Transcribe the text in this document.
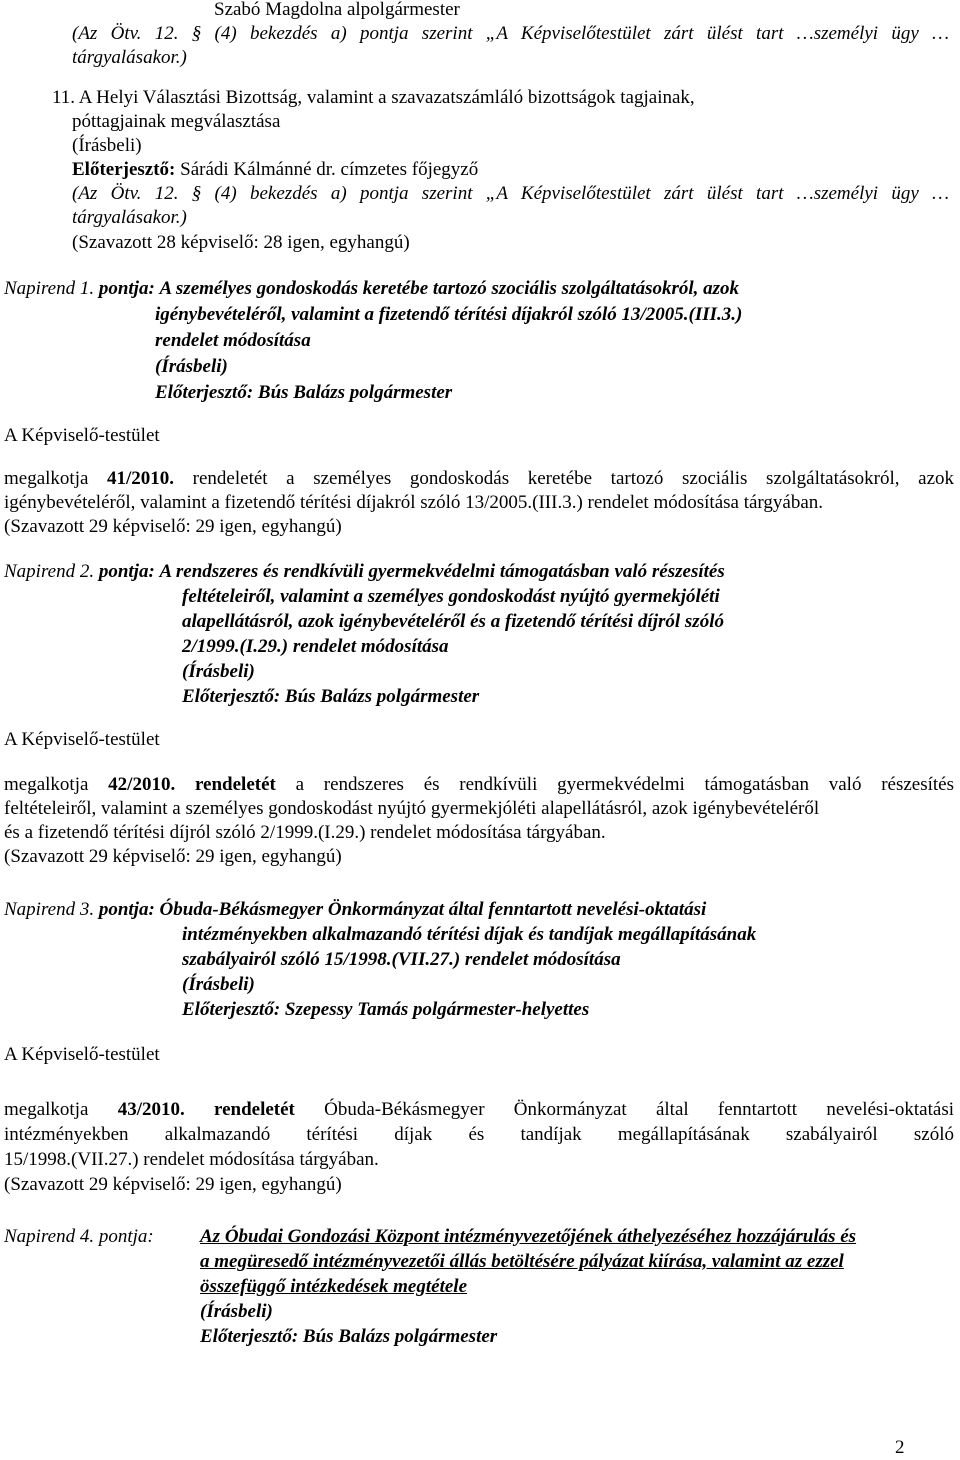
Szabó Magdolna alpolgármester
(Az Ötv. 12. § (4) bekezdés a) pontja szerint „A Képviselőtestület zárt ülést tart …személyi ügy …
tárgyalásakor.)
11. A Helyi Választási Bizottság, valamint a szavazatszámláló bizottságok tagjainak,
póttagjainak megválasztása
(Írásbeli)
Előterjesztő: Sárádi Kálmánné dr. címzetes főjegyző
(Az Ötv. 12. § (4) bekezdés a) pontja szerint „A Képviselőtestület zárt ülést tart …személyi ügy …
tárgyalásakor.)
(Szavazott 28 képviselő: 28 igen, egyhangú)
Napirend 1. pontja: A személyes gondoskodás keretébe tartozó szociális szolgáltatásokról, azok
igénybevételéről, valamint a fizetendő térítési díjakról szóló 13/2005.(III.3.)
rendelet módosítása
(Írásbeli)
Előterjesztő: Bús Balázs polgármester
A Képviselő-testület
megalkotja 41/2010. rendeletét a személyes gondoskodás keretébe tartozó szociális szolgáltatásokról, azok
igénybevételéről, valamint a fizetendő térítési díjakról szóló 13/2005.(III.3.) rendelet módosítása tárgyában.
(Szavazott 29 képviselő: 29 igen, egyhangú)
Napirend 2. pontja: A rendszeres és rendkívüli gyermekvédelmi támogatásban való részesítés
feltételeiről, valamint a személyes gondoskodást nyújtó gyermekjóléti
alapellátásról, azok igénybevételéről és a fizetendő térítési díjról szóló
2/1999.(I.29.) rendelet módosítása
(Írásbeli)
Előterjesztő: Bús Balázs polgármester
A Képviselő-testület
megalkotja 42/2010. rendeletét a rendszeres és rendkívüli gyermekvédelmi támogatásban való részesítés
feltételeiről, valamint a személyes gondoskodást nyújtó gyermekjóléti alapellátásról, azok igénybevételéről
és a fizetendő térítési díjról szóló 2/1999.(I.29.) rendelet módosítása tárgyában.
(Szavazott 29 képviselő: 29 igen, egyhangú)
Napirend 3. pontja: Óbuda-Békásmegyer Önkormányzat által fenntartott nevelési-oktatási
intézményekben alkalmazandó térítési díjak és tandíjak megállapításának
szabályairól szóló 15/1998.(VII.27.) rendelet módosítása
(Írásbeli)
Előterjesztő: Szepessy Tamás polgármester-helyettes
A Képviselő-testület
megalkotja 43/2010. rendeletét Óbuda-Békásmegyer Önkormányzat által fenntartott nevelési-oktatási
intézményekben alkalmazandó térítési díjak és tandíjak megállapításának szabályairól szóló
15/1998.(VII.27.) rendelet módosítása tárgyában.
(Szavazott 29 képviselő: 29 igen, egyhangú)
Napirend 4. pontja: Az Óbudai Gondozási Központ intézményvezetőjének áthelyezéséhez hozzájárulás és
a megüresedő intézményvezetői állás betöltésére pályázat kiírása, valamint az ezzel
összefüggő intézkedések megtétele
(Írásbeli)
Előterjesztő: Bús Balázs polgármester
2
